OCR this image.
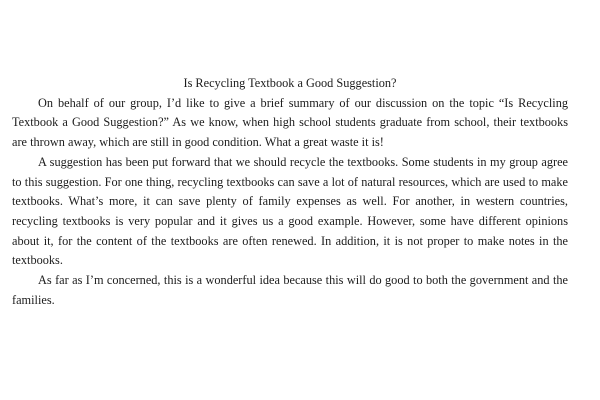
Is Recycling Textbook a Good Suggestion?

On behalf of our group, I’d like to give a brief summary of our discussion on the topic “Is Recycling Textbook a Good Suggestion?” As we know, when high school students graduate from school, their textbooks are thrown away, which are still in good condition. What a great waste it is!

A suggestion has been put forward that we should recycle the textbooks. Some students in my group agree to this suggestion. For one thing, recycling textbooks can save a lot of natural resources, which are used to make textbooks. What’s more, it can save plenty of family expenses as well. For another, in western countries, recycling textbooks is very popular and it gives us a good example. However, some have different opinions about it, for the content of the textbooks are often renewed. In addition, it is not proper to make notes in the textbooks.

As far as I’m concerned, this is a wonderful idea because this will do good to both the government and the families.
